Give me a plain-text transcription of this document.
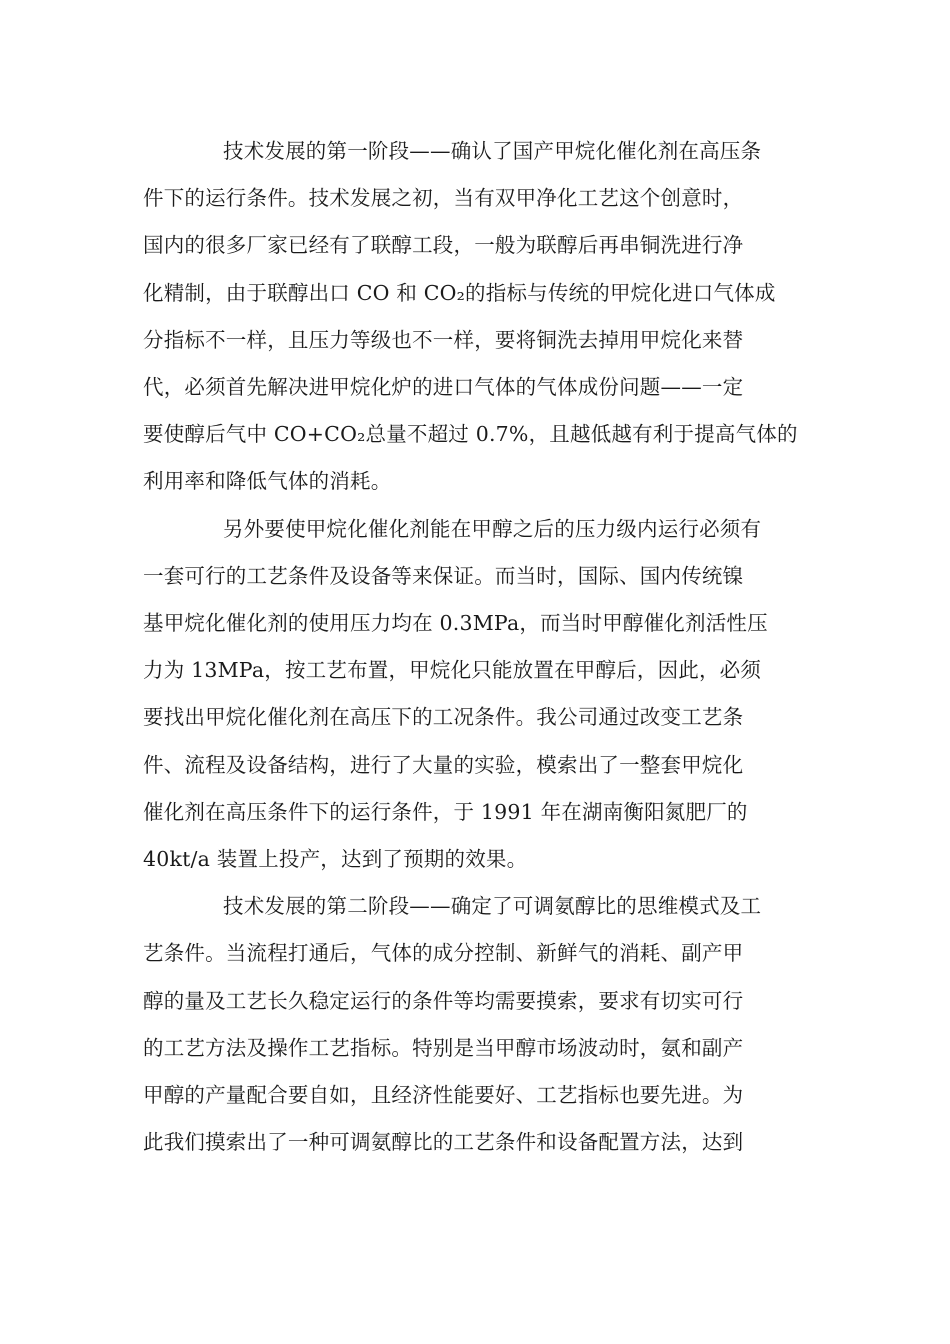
技术发展的第一阶段——确认了国产甲烷化催化剂在高压条
件下的运行条件。技术发展之初，当有双甲净化工艺这个创意时，
国内的很多厂家已经有了联醇工段，一般为联醇后再串铜洗进行净
化精制，由于联醇出口 CO 和 CO₂的指标与传统的甲烷化进口气体成
分指标不一样，且压力等级也不一样，要将铜洗去掉用甲烷化来替
代，必须首先解决进甲烷化炉的进口气体的气体成份问题——一定
要使醇后气中 CO+CO₂总量不超过 0.7%，且越低越有利于提高气体的
利用率和降低气体的消耗。
另外要使甲烷化催化剂能在甲醇之后的压力级内运行必须有
一套可行的工艺条件及设备等来保证。而当时，国际、国内传统镍
基甲烷化催化剂的使用压力均在 0.3MPa，而当时甲醇催化剂活性压
力为 13MPa，按工艺布置，甲烷化只能放置在甲醇后，因此，必须
要找出甲烷化催化剂在高压下的工况条件。我公司通过改变工艺条
件、流程及设备结构，进行了大量的实验，模索出了一整套甲烷化
催化剂在高压条件下的运行条件，于 1991 年在湖南衡阳氮肥厂的
40kt/a 装置上投产，达到了预期的效果。
技术发展的第二阶段——确定了可调氨醇比的思维模式及工
艺条件。当流程打通后，气体的成分控制、新鲜气的消耗、副产甲
醇的量及工艺长久稳定运行的条件等均需要摸索，要求有切实可行
的工艺方法及操作工艺指标。特别是当甲醇市场波动时，氨和副产
甲醇的产量配合要自如，且经济性能要好、工艺指标也要先进。为
此我们摸索出了一种可调氨醇比的工艺条件和设备配置方法，达到
